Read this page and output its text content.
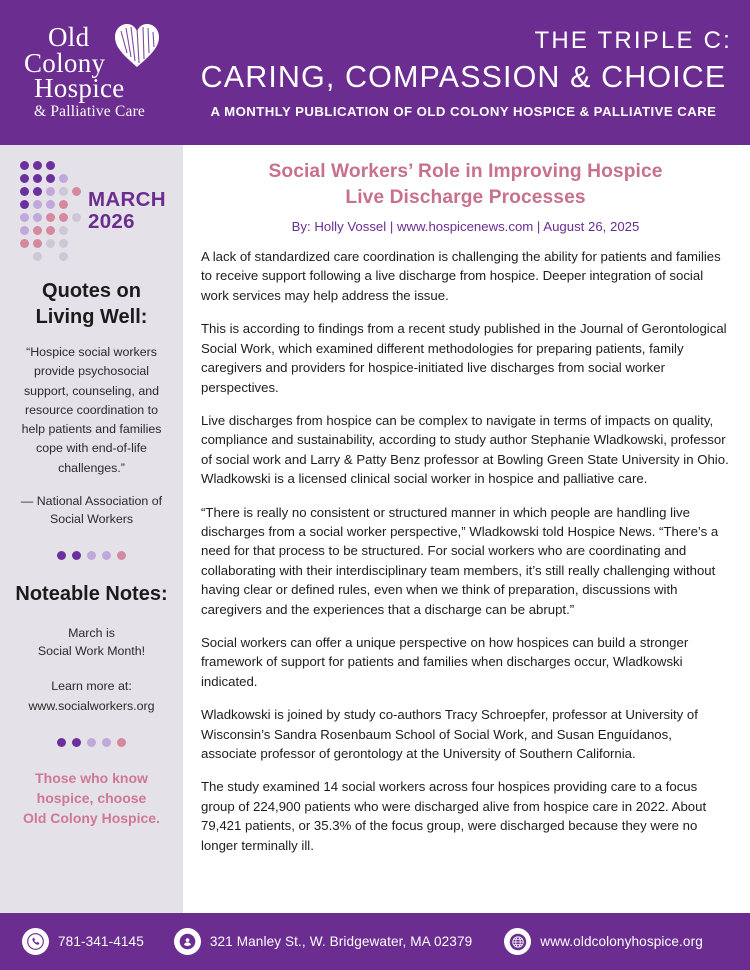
Old
Colony
Hospice
& Palliative Care
THE TRIPLE C:
CARING, COMPASSION & CHOICE
A MONTHLY PUBLICATION OF OLD COLONY HOSPICE & PALLIATIVE CARE
MARCH
2026
Quotes on
Living Well:
“Hospice social workers provide psychosocial support, counseling, and resource coordination to help patients and families cope with end-of-life challenges.”
— National Association of Social Workers
Noteable Notes:
March is
Social Work Month!
Learn more at:
www.socialworkers.org
Those who know
hospice, choose
Old Colony Hospice.
Social Workers’ Role in Improving Hospice
Live Discharge Processes
By: Holly Vossel | www.hospicenews.com | August 26, 2025

A lack of standardized care coordination is challenging the ability for patients and families to receive support following a live discharge from hospice. Deeper integration of social work services may help address the issue.

This is according to findings from a recent study published in the Journal of Gerontological Social Work, which examined different methodologies for preparing patients, family caregivers and providers for hospice-initiated live discharges from social worker perspectives.

Live discharges from hospice can be complex to navigate in terms of impacts on quality, compliance and sustainability, according to study author Stephanie Wladkowski, professor of social work and Larry & Patty Benz professor at Bowling Green State University in Ohio. Wladkowski is a licensed clinical social worker in hospice and palliative care.

“There is really no consistent or structured manner in which people are handling live discharges from a social worker perspective,” Wladkowski told Hospice News. “There’s a need for that process to be structured. For social workers who are coordinating and collaborating with their interdisciplinary team members, it’s still really challenging without having clear or defined rules, even when we think of preparation, discussions with caregivers and the experiences that a discharge can be abrupt.”

Social workers can offer a unique perspective on how hospices can build a stronger framework of support for patients and families when discharges occur, Wladkowski indicated.

Wladkowski is joined by study co-authors Tracy Schroepfer, professor at University of Wisconsin’s Sandra Rosenbaum School of Social Work, and Susan Enguídanos, associate professor of gerontology at the University of Southern California.

The study examined 14 social workers across four hospices providing care to a focus group of 224,900 patients who were discharged alive from hospice care in 2022. About 79,421 patients, or 35.3% of the focus group, were discharged because they were no longer terminally ill.

781-341-4145	321 Manley St., W. Bridgewater, MA 02379	www.oldcolonyhospice.org
